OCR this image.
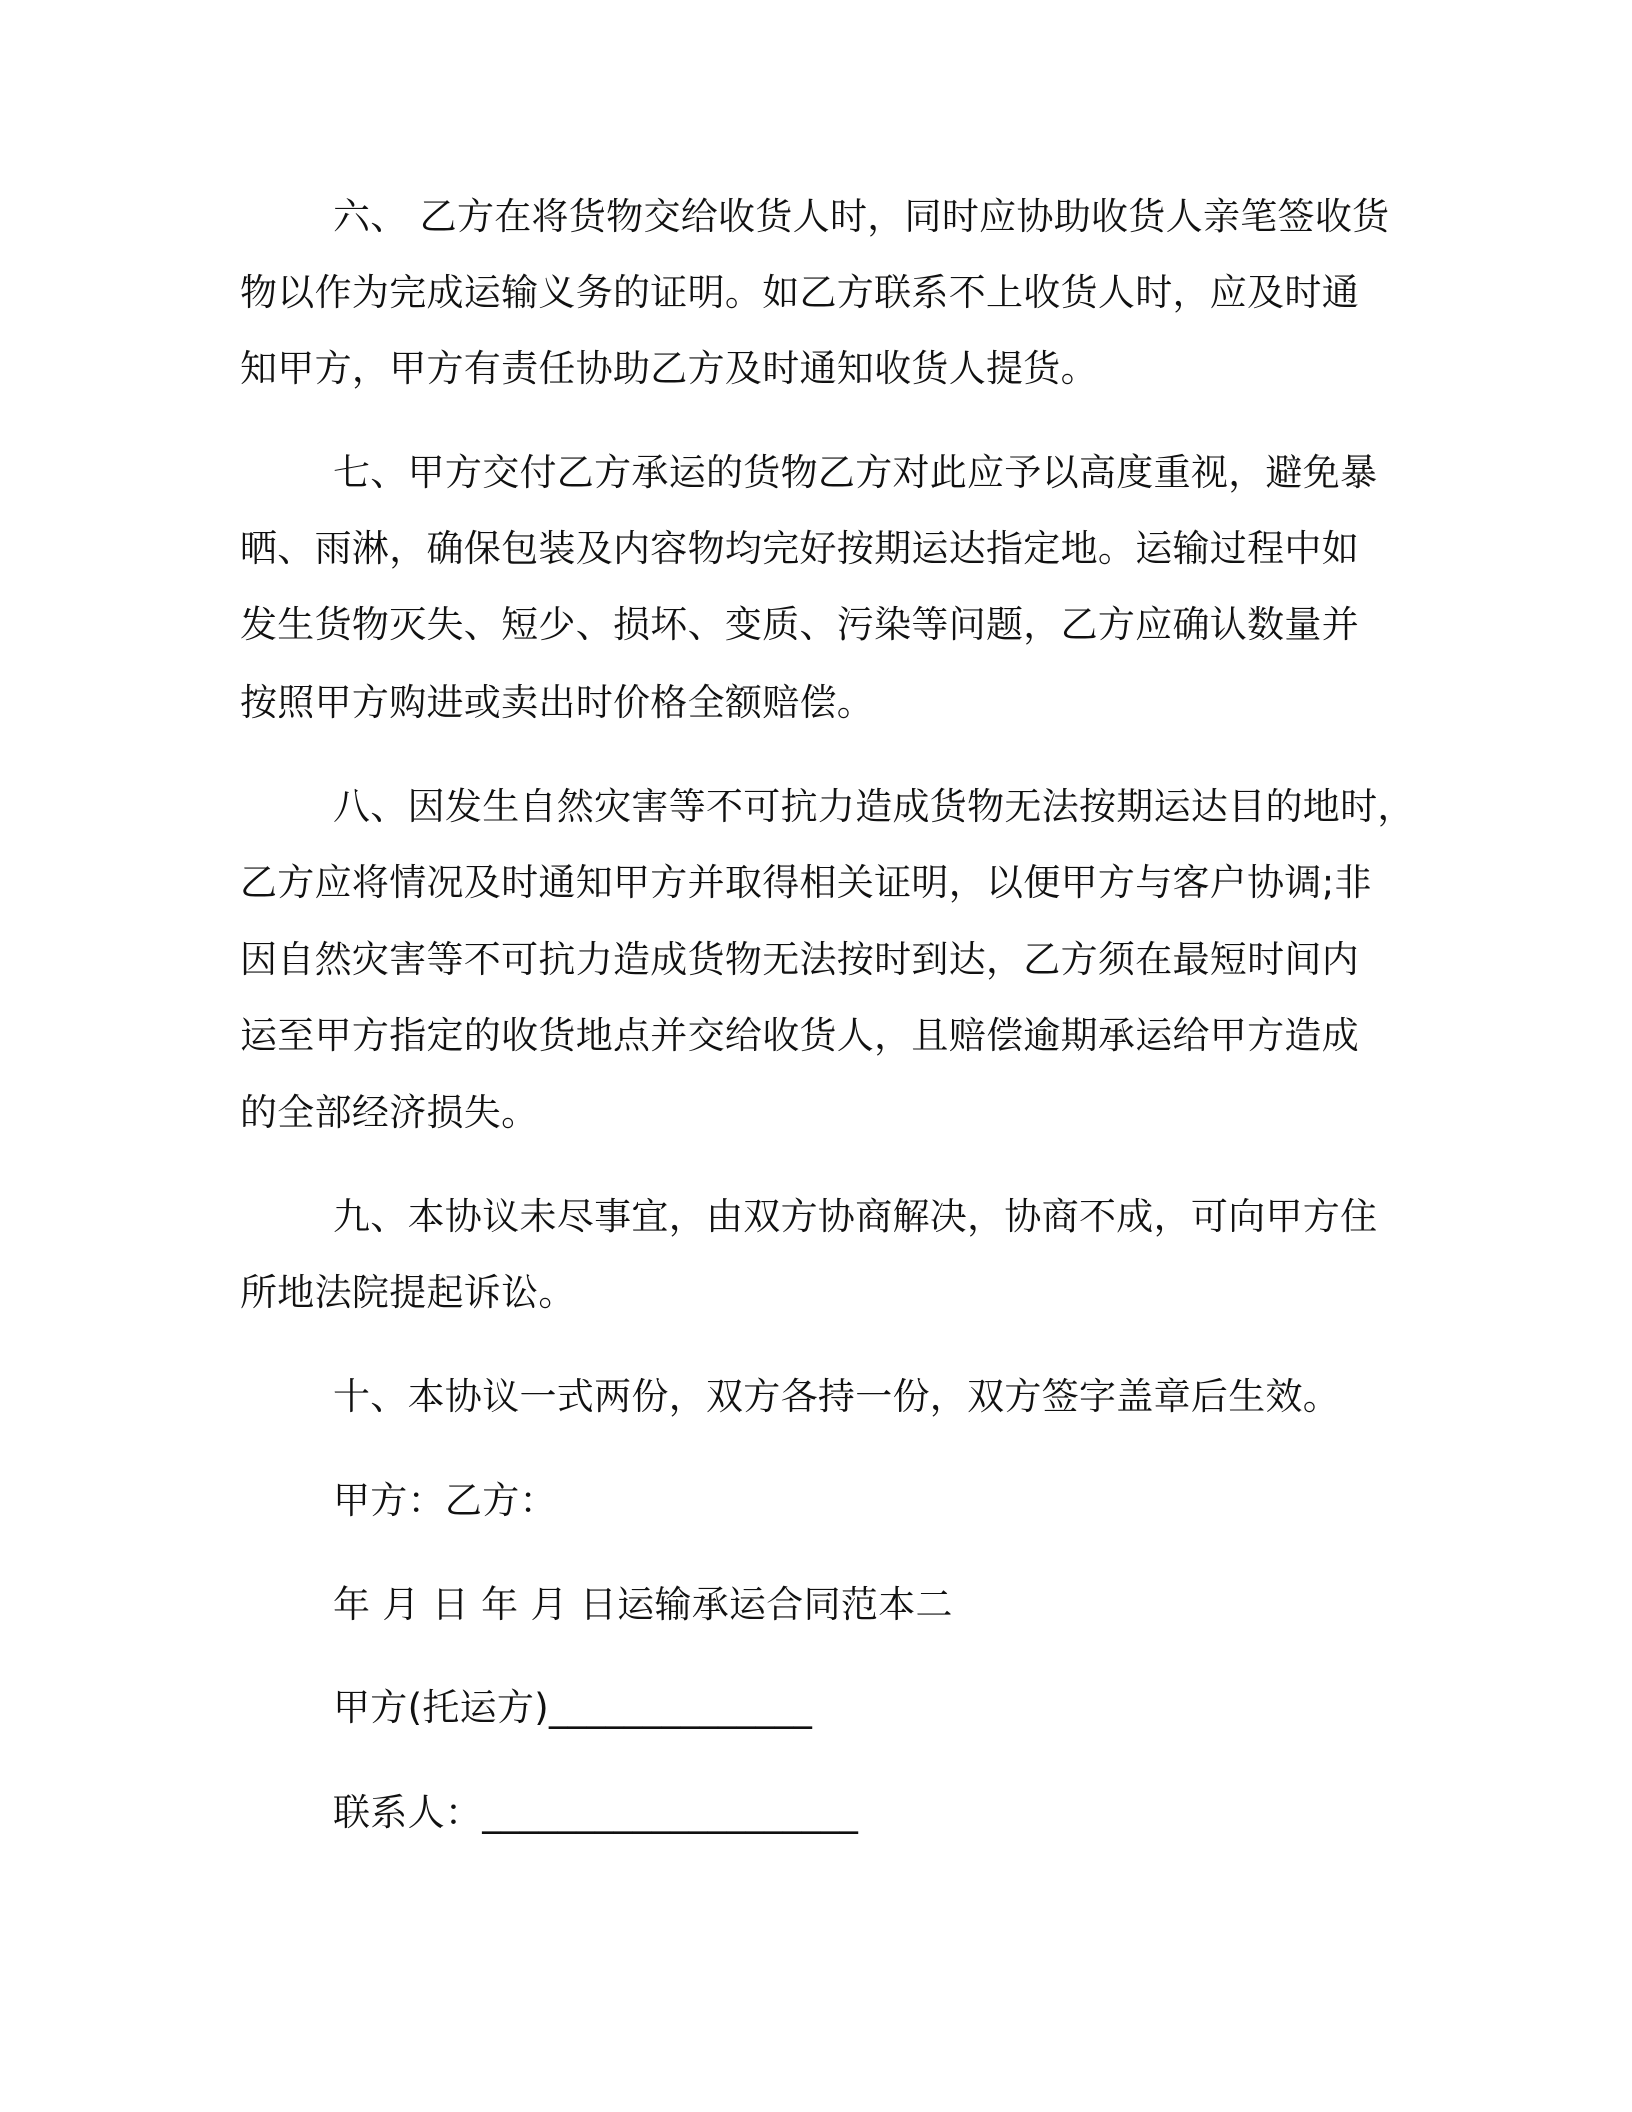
六、 乙方在将货物交给收货人时，同时应协助收货人亲笔签收货
物以作为完成运输义务的证明。如乙方联系不上收货人时，应及时通
知甲方，甲方有责任协助乙方及时通知收货人提货。
七、甲方交付乙方承运的货物乙方对此应予以高度重视，避免暴
晒、雨淋，确保包装及内容物均完好按期运达指定地。运输过程中如
发生货物灭失、短少、损坏、变质、污染等问题，乙方应确认数量并
按照甲方购进或卖出时价格全额赔偿。
八、因发生自然灾害等不可抗力造成货物无法按期运达目的地时，
乙方应将情况及时通知甲方并取得相关证明，以便甲方与客户协调;非
因自然灾害等不可抗力造成货物无法按时到达，乙方须在最短时间内
运至甲方指定的收货地点并交给收货人，且赔偿逾期承运给甲方造成
的全部经济损失。
九、本协议未尽事宜，由双方协商解决，协商不成，可向甲方住
所地法院提起诉讼。
十、本协议一式两份，双方各持一份，双方签字盖章后生效。
甲方：乙方：
年 月 日 年 月 日运输承运合同范本二
甲方(托运方)______________
联系人：____________________
